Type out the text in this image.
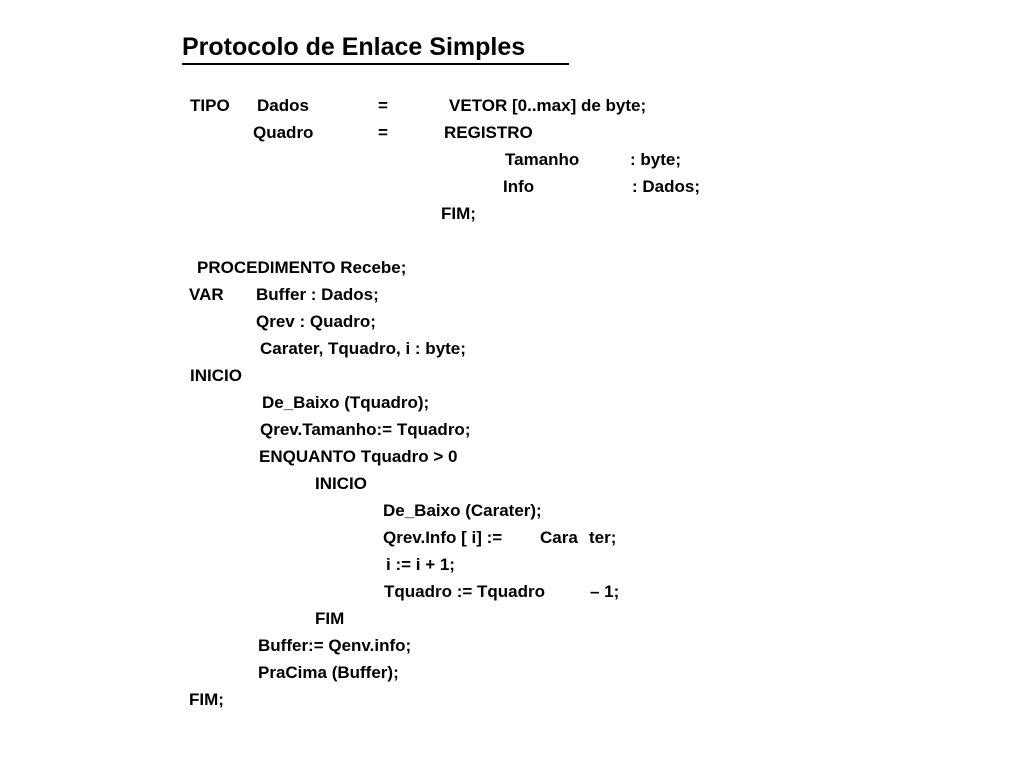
Protocolo de Enlace Simples
TIPO Dados	=	VETOR [0..max] de byte;
Quadro	=	REGISTRO
Tamanho	: byte;
Info	: Dados;
FIM;
PROCEDIMENTO Recebe;
VAR Buffer : Dados;
Qrev : Quadro;
Carater, Tquadro, i : byte;
INICIO
De_Baixo (Tquadro);
Qrev.Tamanho:= Tquadro;
ENQUANTO Tquadro > 0
INICIO
De_Baixo (Carater);
Qrev.Info [ i] := Cara ter;
i := i + 1;
Tquadro := Tquadro	– 1;
FIM
Buffer:= Qenv.info;
PraCima (Buffer);
FIM;
